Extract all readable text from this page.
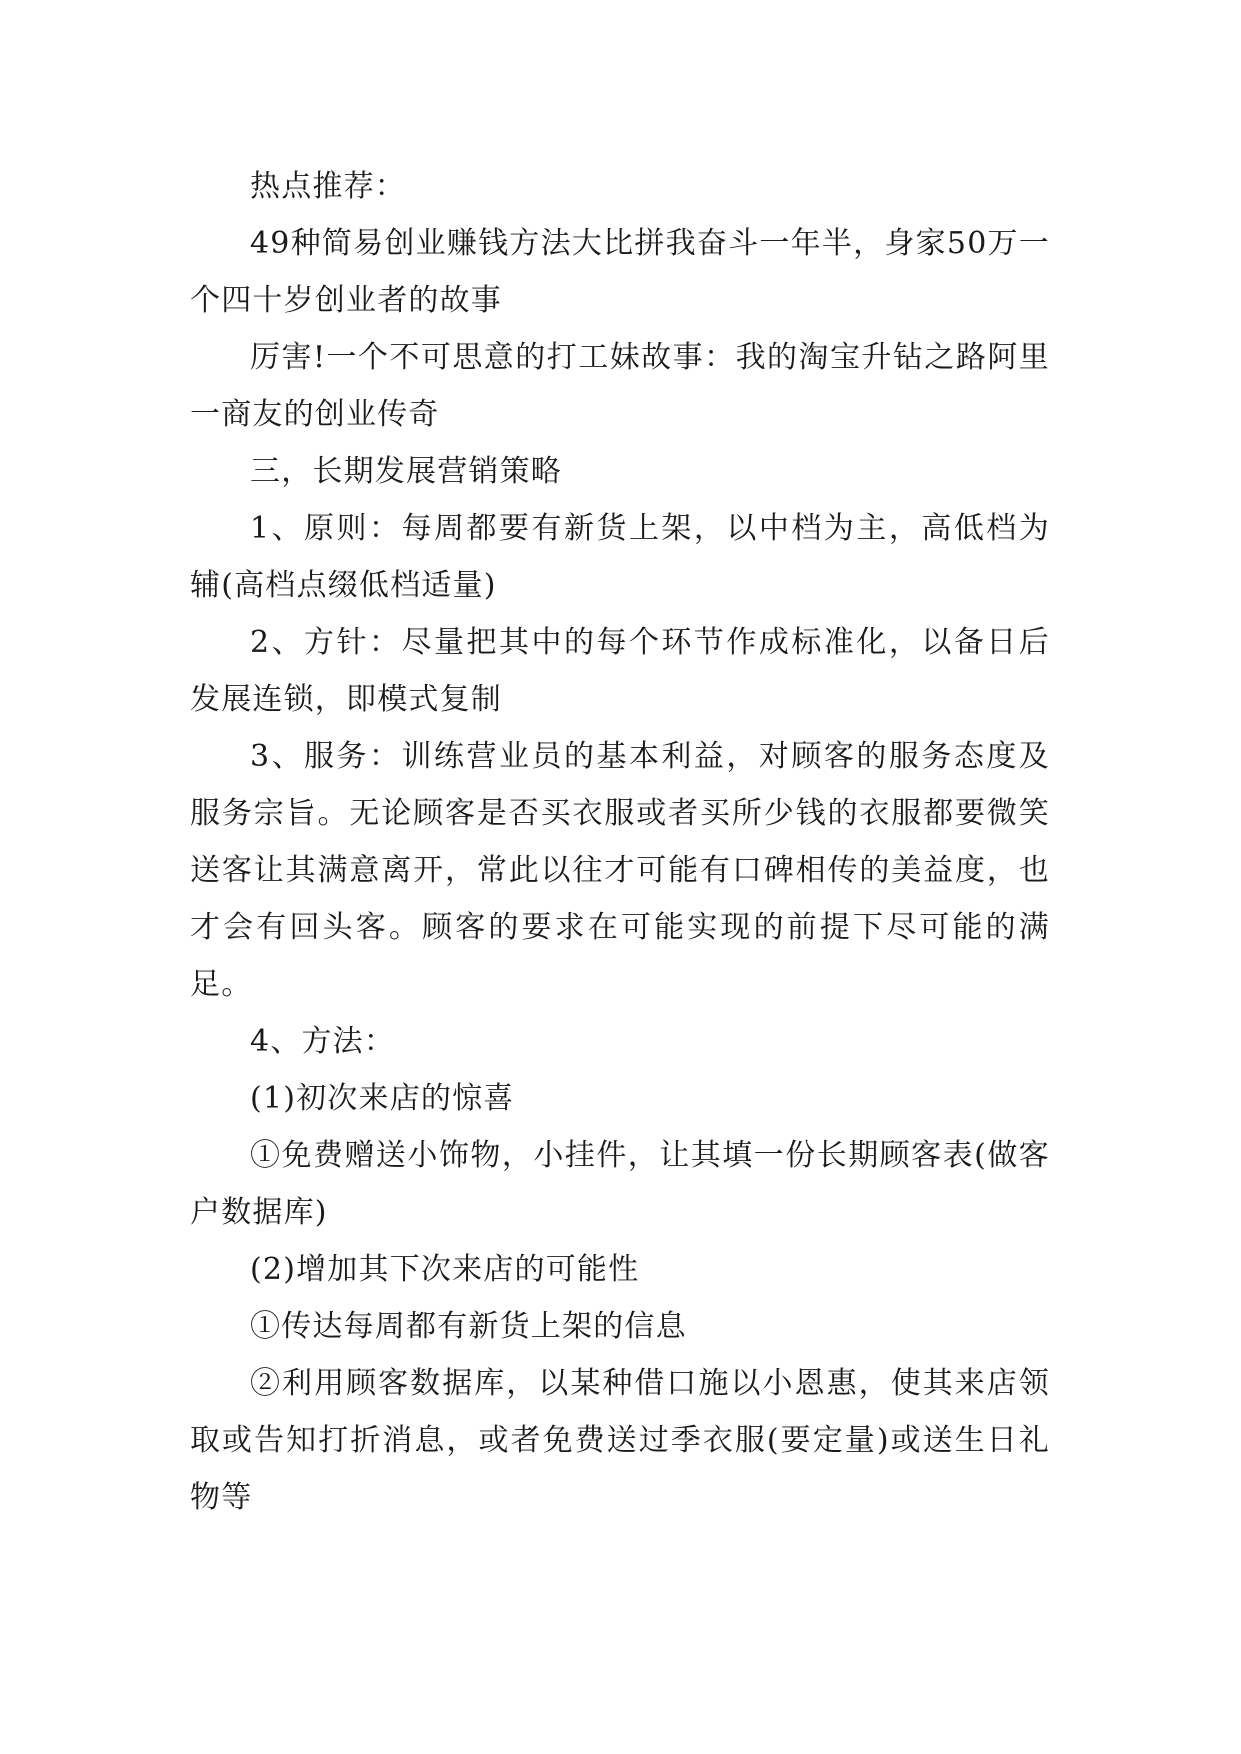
热点推荐：

49种简易创业赚钱方法大比拼我奋斗一年半，身家50万一个四十岁创业者的故事

厉害!一个不可思意的打工妹故事：我的淘宝升钻之路阿里一商友的创业传奇

三，长期发展营销策略

1、原则：每周都要有新货上架，以中档为主，高低档为辅(高档点缀低档适量)

2、方针：尽量把其中的每个环节作成标准化，以备日后发展连锁，即模式复制

3、服务：训练营业员的基本利益，对顾客的服务态度及服务宗旨。无论顾客是否买衣服或者买所少钱的衣服都要微笑送客让其满意离开，常此以往才可能有口碑相传的美益度，也才会有回头客。顾客的要求在可能实现的前提下尽可能的满足。

4、方法：

(1)初次来店的惊喜

①免费赠送小饰物，小挂件，让其填一份长期顾客表(做客户数据库)

(2)增加其下次来店的可能性

①传达每周都有新货上架的信息

②利用顾客数据库，以某种借口施以小恩惠，使其来店领取或告知打折消息，或者免费送过季衣服(要定量)或送生日礼物等
